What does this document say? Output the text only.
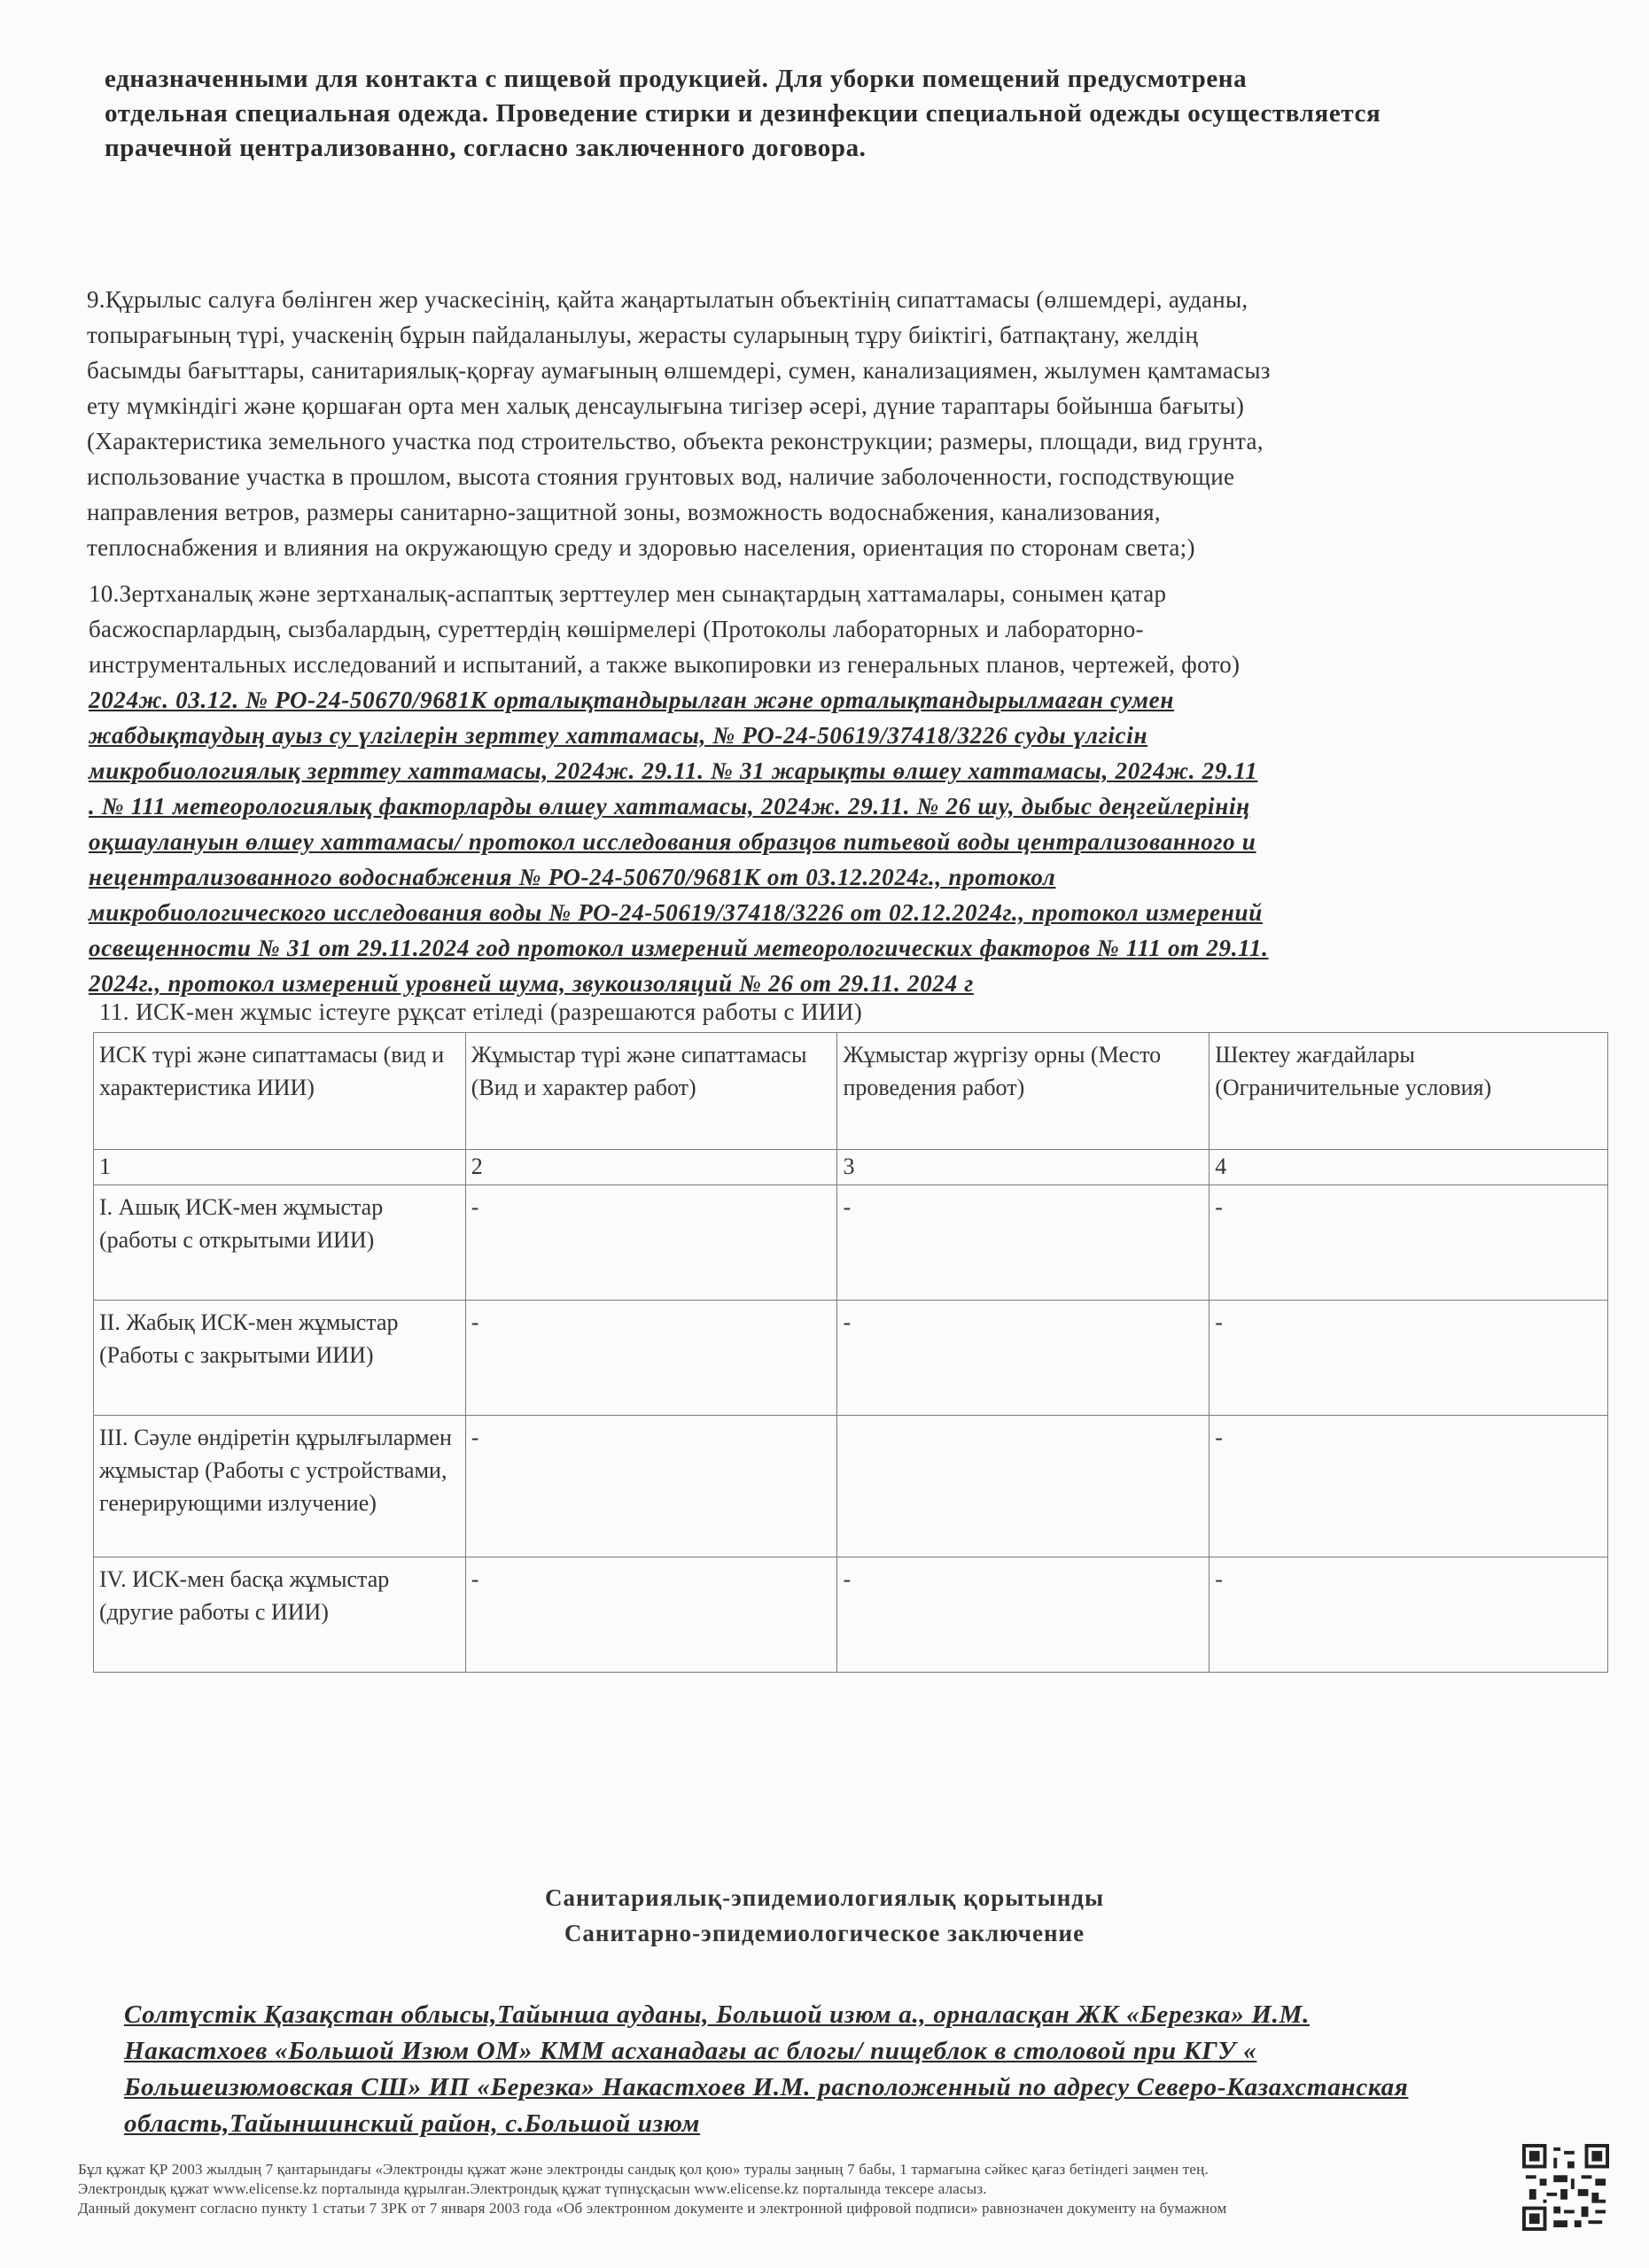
едназначенными для контакта с пищевой продукцией. Для уборки помещений предусмотрена
отдельная специальная одежда. Проведение стирки и дезинфекции специальной одежды осуществляется
прачечной централизованно, согласно заключенного договора.
9.Құрылыс салуға бөлінген жер учаскесінің, қайта жаңартылатын объектінің сипаттамасы (өлшемдері, ауданы,
топырағының түрі, учаскенің бұрын пайдаланылуы, жерасты суларының тұру биіктігі, батпақтану, желдің
басымды бағыттары, санитариялық-қорғау аумағының өлшемдері, сумен, канализациямен, жылумен қамтамасыз
ету мүмкіндігі және қоршаған орта мен халық денсаулығына тигізер әсері, дүние тараптары бойынша бағыты)
(Характеристика земельного участка под строительство, объекта реконструкции; размеры, площади, вид грунта,
использование участка в прошлом, высота стояния грунтовых вод, наличие заболоченности, господствующие
направления ветров, размеры санитарно-защитной зоны, возможность водоснабжения, канализования,
теплоснабжения и влияния на окружающую среду и здоровью населения, ориентация по сторонам света;)
10.Зертханалық және зертханалық-аспаптық зерттеулер мен сынақтардың хаттамалары, сонымен қатар
басжоспарлардың, сызбалардың, суреттердің көшірмелері (Протоколы лабораторных и лабораторно-
инструментальных исследований и испытаний, а также выкопировки из генеральных планов, чертежей, фото)
2024ж. 03.12. № РО-24-50670/9681К орталықтандырылған және орталықтандырылмаған сумен
жабдықтаудың ауыз су үлгілерін зерттеу хаттамасы, № РО-24-50619/37418/3226 суды үлгісін
микробиологиялық зерттеу хаттамасы, 2024ж. 29.11. № 31 жарықты өлшеу хаттамасы, 2024ж. 29.11
. № 111 метеорологиялық факторларды өлшеу хаттамасы, 2024ж. 29.11. № 26 шу, дыбыс деңгейлерінің
оқшаулануын өлшеу хаттамасы/ протокол исследования образцов питьевой воды централизованного и
нецентрализованного водоснабжения № РО-24-50670/9681К от 03.12.2024г., протокол
микробиологического исследования воды № РО-24-50619/37418/3226 от 02.12.2024г., протокол измерений
освещенности № 31 от 29.11.2024 год протокол измерений метеорологических факторов № 111 от 29.11.
2024г., протокол измерений уровней шума, звукоизоляций № 26 от 29.11. 2024 г
11. ИСК-мен жұмыс істеуге рұқсат етіледі (разрешаются работы с ИИИ)
ИСК түрі және сипаттамасы (вид и характеристика ИИИ)	Жұмыстар түрі және сипаттамасы (Вид и характер работ)	Жұмыстар жүргізу орны (Место проведения работ)	Шектеу жағдайлары (Ограничительные условия)
1	2	3	4
I. Ашық ИСК-мен жұмыстар (работы с открытыми ИИИ)	-	-	-
II. Жабық ИСК-мен жұмыстар (Работы с закрытыми ИИИ)	-	-	-
III. Сәуле өндіретін құрылғылармен жұмыстар (Работы с устройствами, генерирующими излучение)	-		-
IV. ИСК-мен басқа жұмыстар (другие работы с ИИИ)	-	-	-
Санитариялық-эпидемиологиялық қорытынды
Санитарно-эпидемиологическое заключение
Солтүстік Қазақстан облысы,Тайынша ауданы, Большой изюм а., орналасқан ЖК «Березка» И.М.
Накастхоев «Большой Изюм ОМ» КММ асханадағы ас блогы/ пищеблок в столовой при КГУ «
Большеизюмовская СШ» ИП «Березка» Накастхоев И.М. расположенный по адресу Северо-Казахстанская
область,Тайыншинский район, с.Большой изюм
Бұл құжат ҚР 2003 жылдың 7 қантарындағы «Электронды құжат және электронды сандық қол қою» туралы заңның 7 бабы, 1 тармағына сәйкес қағаз бетіндегі заңмен тең.
Электрондық құжат www.elicense.kz порталында құрылған.Электрондық құжат түпнұсқасын www.elicense.kz порталында тексере аласыз.
Данный документ согласно пункту 1 статьи 7 ЗРК от 7 января 2003 года «Об электронном документе и электронной цифровой подписи» равнозначен документу на бумажном
